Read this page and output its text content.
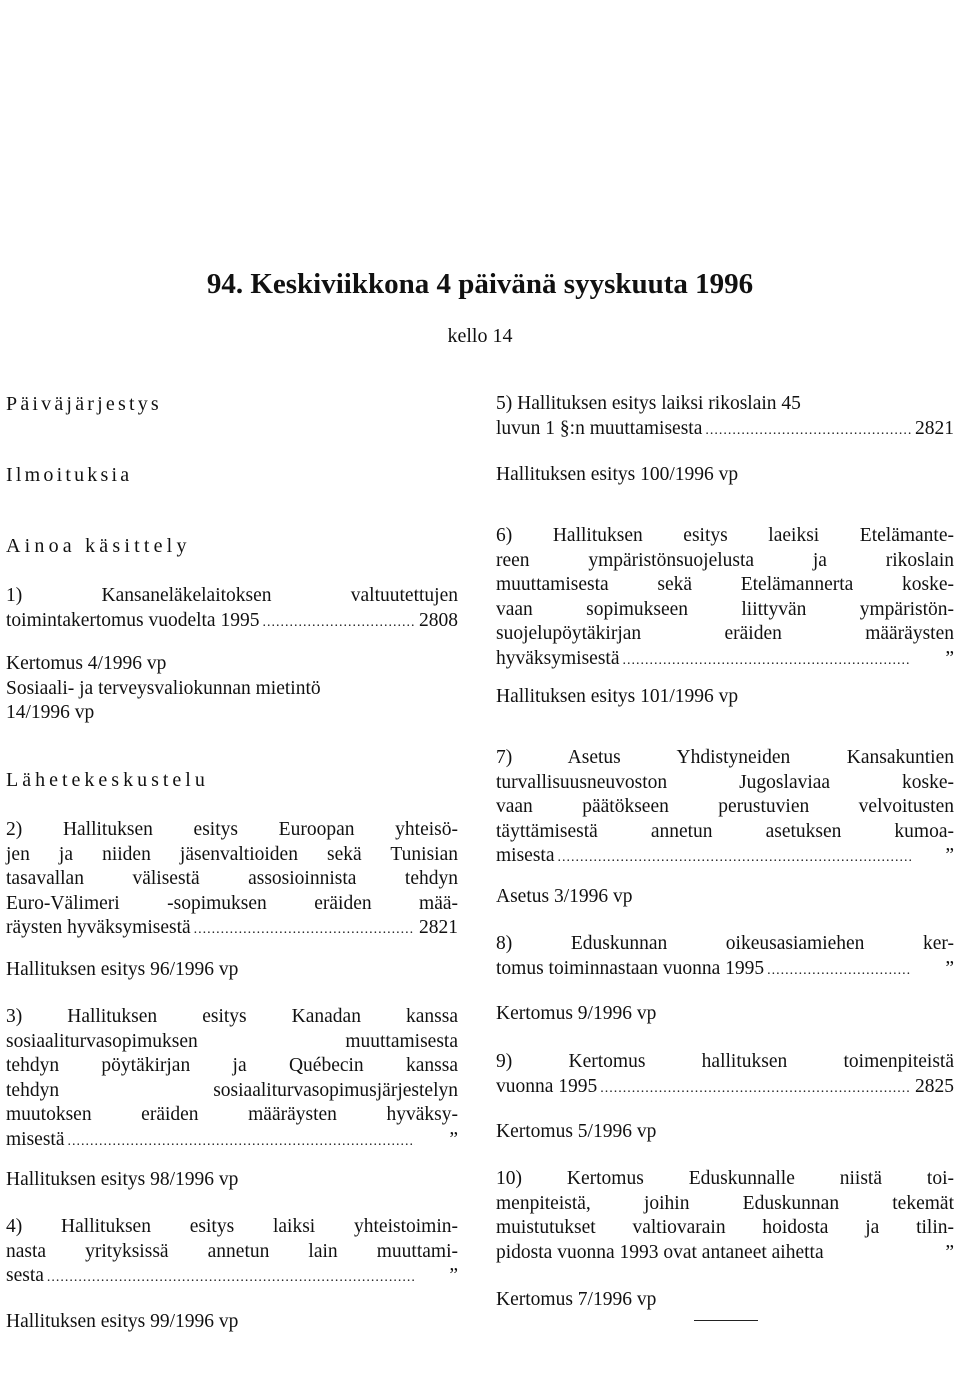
94. Keskiviikkona 4 päivänä syyskuuta 1996
kello 14
Päiväjärjestys
Ilmoituksia
Ainoa käsittely
1) Kansaneläkelaitoksen valtuutettujen
toimintakertomus vuodelta 1995 .....	2808
Kertomus 4/1996 vp
Sosiaali- ja terveysvaliokunnan mietintö
14/1996 vp
Lähetekeskustelu
2) Hallituksen esitys Euroopan yhteisö-
jen ja niiden jäsenvaltioiden sekä Tunisian
tasavallan välisestä assosioinnista tehdyn
Euro-Välimeri -sopimuksen eräiden mää-
räysten hyväksymisestä .....	2821
Hallituksen esitys 96/1996 vp
3) Hallituksen esitys Kanadan kanssa
sosiaaliturvasopimuksen muuttamisesta
tehdyn pöytäkirjan ja Québecin kanssa
tehdyn sosiaaliturvasopimusjärjestelyn
muutoksen eräiden määräysten hyväksy-
misestä .....	”
Hallituksen esitys 98/1996 vp
4) Hallituksen esitys laiksi yhteistoimin-
nasta yrityksissä annetun lain muuttami-
sesta .....	”
Hallituksen esitys 99/1996 vp
5) Hallituksen esitys laiksi rikoslain 45
luvun 1 §:n muuttamisesta .....	2821
Hallituksen esitys 100/1996 vp
6) Hallituksen esitys laeiksi Etelämante-
reen ympäristönsuojelusta ja rikoslain
muuttamisesta sekä Etelämannerta koske-
vaan sopimukseen liittyvän ympäristön-
suojelupöytäkirjan eräiden määräysten
hyväksymisestä .....	”
Hallituksen esitys 101/1996 vp
7) Asetus Yhdistyneiden Kansakuntien
turvallisuusneuvoston Jugoslaviaa koske-
vaan päätökseen perustuvien velvoitusten
täyttämisestä annetun asetuksen kumoa-
misesta .....	”
Asetus 3/1996 vp
8) Eduskunnan oikeusasiamiehen ker-
tomus toiminnastaan vuonna 1995 .....	”
Kertomus 9/1996 vp
9) Kertomus hallituksen toimenpiteistä
vuonna 1995 .....	2825
Kertomus 5/1996 vp
10) Kertomus Eduskunnalle niistä toi-
menpiteistä, joihin Eduskunnan tekemät
muistutukset valtiovarain hoidosta ja tilin-
pidosta vuonna 1993 ovat antaneet aihetta	”
Kertomus 7/1996 vp
